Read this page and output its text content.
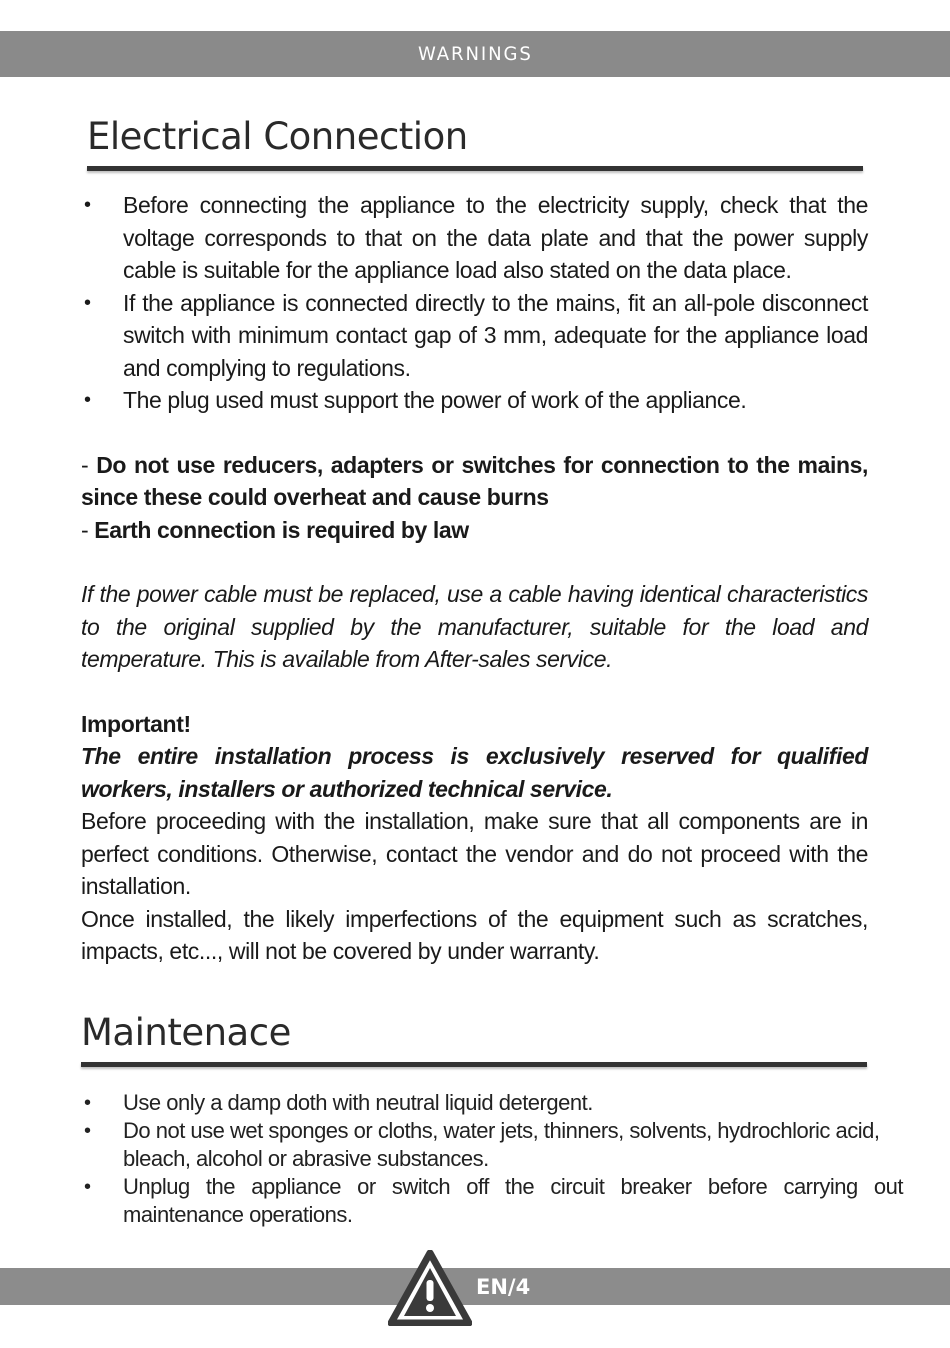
WARNINGS
Electrical Connection
• Before connecting the appliance to the electricity supply, check that the voltage corresponds to that on the data plate and that the power supply cable is suitable for the appliance load also stated on the data place.
• If the appliance is connected directly to the mains, fit an all-pole disconnect switch with minimum contact gap of 3 mm, adequate for the appliance load and complying to regulations.
• The plug used must support the power of work of the appliance.

- Do not use reducers, adapters or switches for connection to the mains, since these could overheat and cause burns

- Earth connection is required by law

If the power cable must be replaced, use a cable having identical characteristics to the original supplied by the manufacturer, suitable for the load and temperature. This is available from After-sales service.

Important!

The entire installation process is exclusively reserved for qualified workers, installers or authorized technical service.

Before proceeding with the installation, make sure that all components are in perfect conditions. Otherwise, contact the vendor and do not proceed with the installation.

Once installed, the likely imperfections of the equipment such as scratches, impacts, etc..., will not be covered by under warranty.

Maintenace
• Use only a damp doth with neutral liquid detergent.
• Do not use wet sponges or cloths, water jets, thinners, solvents, hydrochloric acid, bleach, alcohol or abrasive substances.
• Unplug the appliance or switch off the circuit breaker before carrying out maintenance operations.
EN/4
